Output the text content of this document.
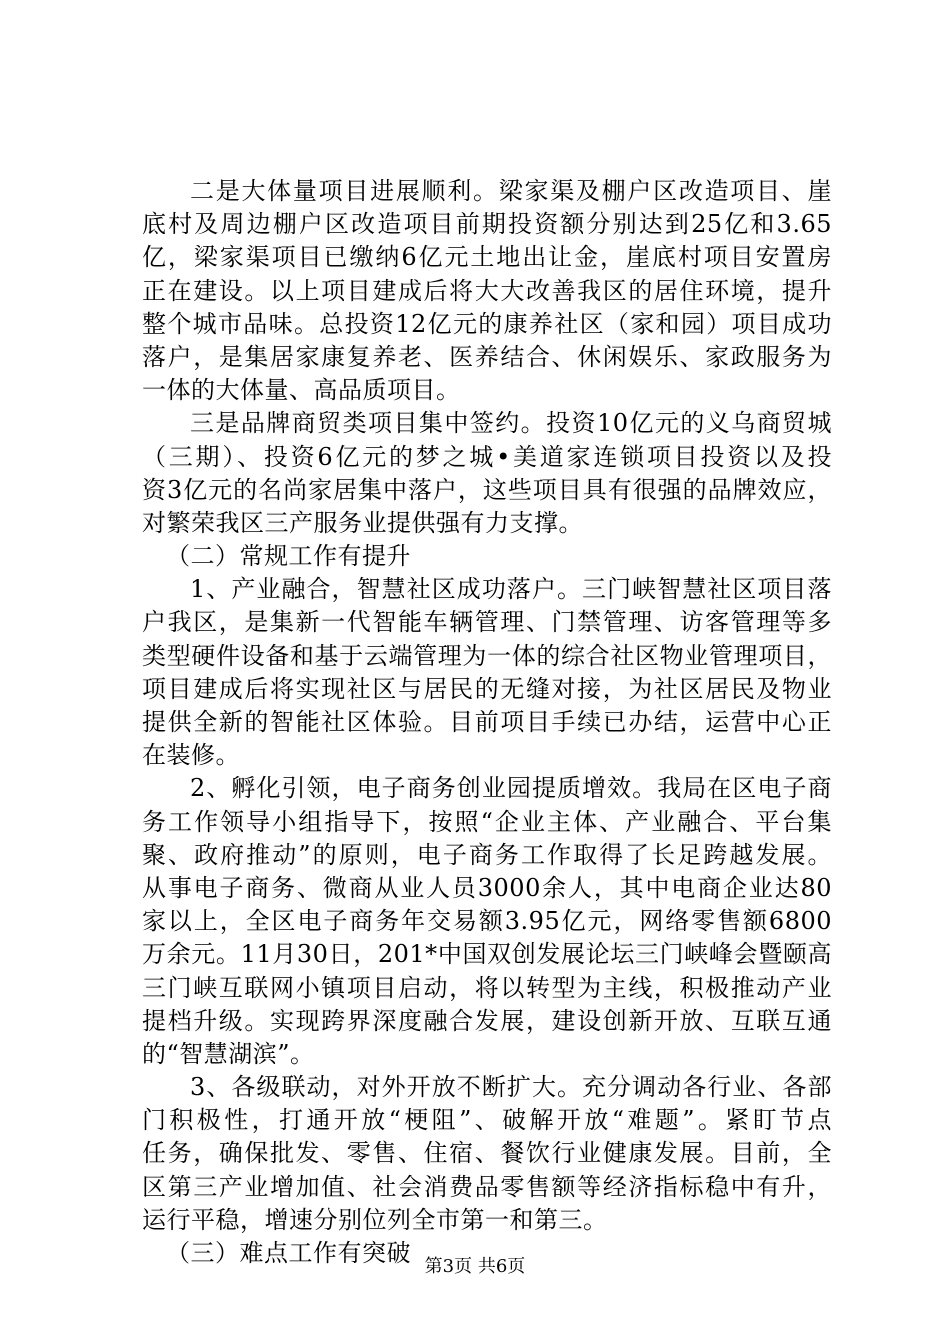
二是大体量项目进展顺利。梁家渠及棚户区改造项目、崖
底村及周边棚户区改造项目前期投资额分别达到25亿和3.65
亿，梁家渠项目已缴纳6亿元土地出让金，崖底村项目安置房
正在建设。以上项目建成后将大大改善我区的居住环境，提升
整个城市品味。总投资12亿元的康养社区（家和园）项目成功
落户，是集居家康复养老、医养结合、休闲娱乐、家政服务为
一体的大体量、高品质项目。
三是品牌商贸类项目集中签约。投资10亿元的义乌商贸城
（三期）、投资6亿元的梦之城•美道家连锁项目投资以及投
资3亿元的名尚家居集中落户，这些项目具有很强的品牌效应，
对繁荣我区三产服务业提供强有力支撑。
（二）常规工作有提升
1、产业融合，智慧社区成功落户。三门峡智慧社区项目落
户我区，是集新一代智能车辆管理、门禁管理、访客管理等多
类型硬件设备和基于云端管理为一体的综合社区物业管理项目，
项目建成后将实现社区与居民的无缝对接，为社区居民及物业
提供全新的智能社区体验。目前项目手续已办结，运营中心正
在装修。
2、孵化引领，电子商务创业园提质增效。我局在区电子商
务工作领导小组指导下，按照“企业主体、产业融合、平台集
聚、政府推动”的原则，电子商务工作取得了长足跨越发展。
从事电子商务、微商从业人员3000余人，其中电商企业达80
家以上，全区电子商务年交易额3.95亿元，网络零售额6800
万余元。11月30日，201*中国双创发展论坛三门峡峰会暨颐高
三门峡互联网小镇项目启动，将以转型为主线，积极推动产业
提档升级。实现跨界深度融合发展，建设创新开放、互联互通
的“智慧湖滨”。
3、各级联动，对外开放不断扩大。充分调动各行业、各部
门积极性，打通开放“梗阻”、破解开放“难题”。紧盯节点
任务，确保批发、零售、住宿、餐饮行业健康发展。目前，全
区第三产业增加值、社会消费品零售额等经济指标稳中有升，
运行平稳，增速分别位列全市第一和第三。
（三）难点工作有突破 第3页 共6页
